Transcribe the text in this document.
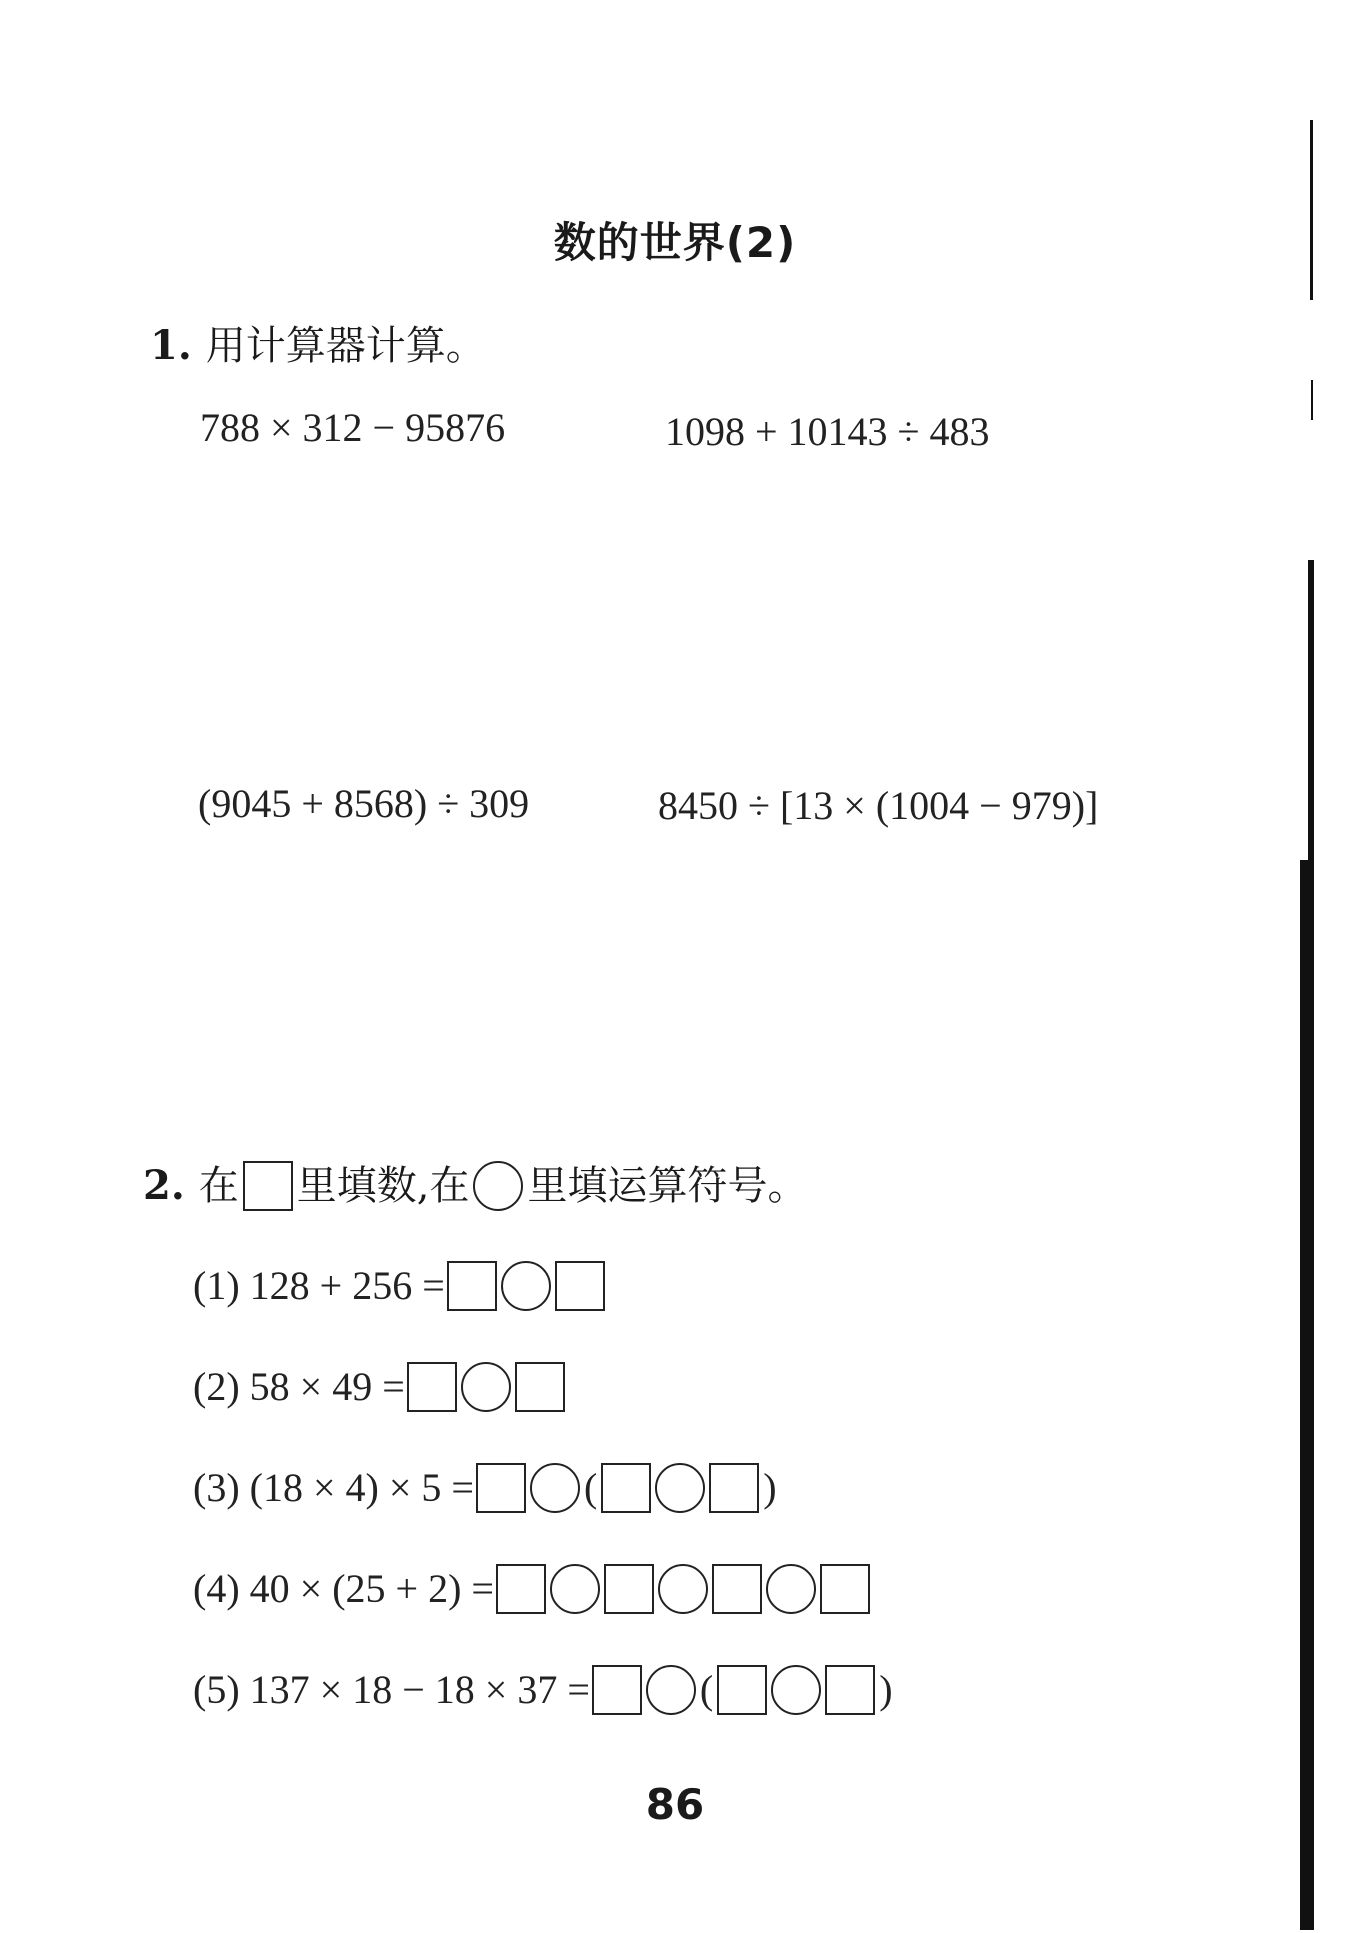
数的世界(2)
1. 用计算器计算。
788 × 312 − 95876	1098 + 10143 ÷ 483
(9045 + 8568) ÷ 309	8450 ÷ [13 × (1004 − 979)]
2. 在 里填数,在 里填运算符号。
(1) 128 + 256 =
(2) 58 × 49 =
(3) (18 × 4) × 5 =	(	)
(4) 40 × (25 + 2) =
(5) 137 × 18 − 18 × 37 =	(	)
86
